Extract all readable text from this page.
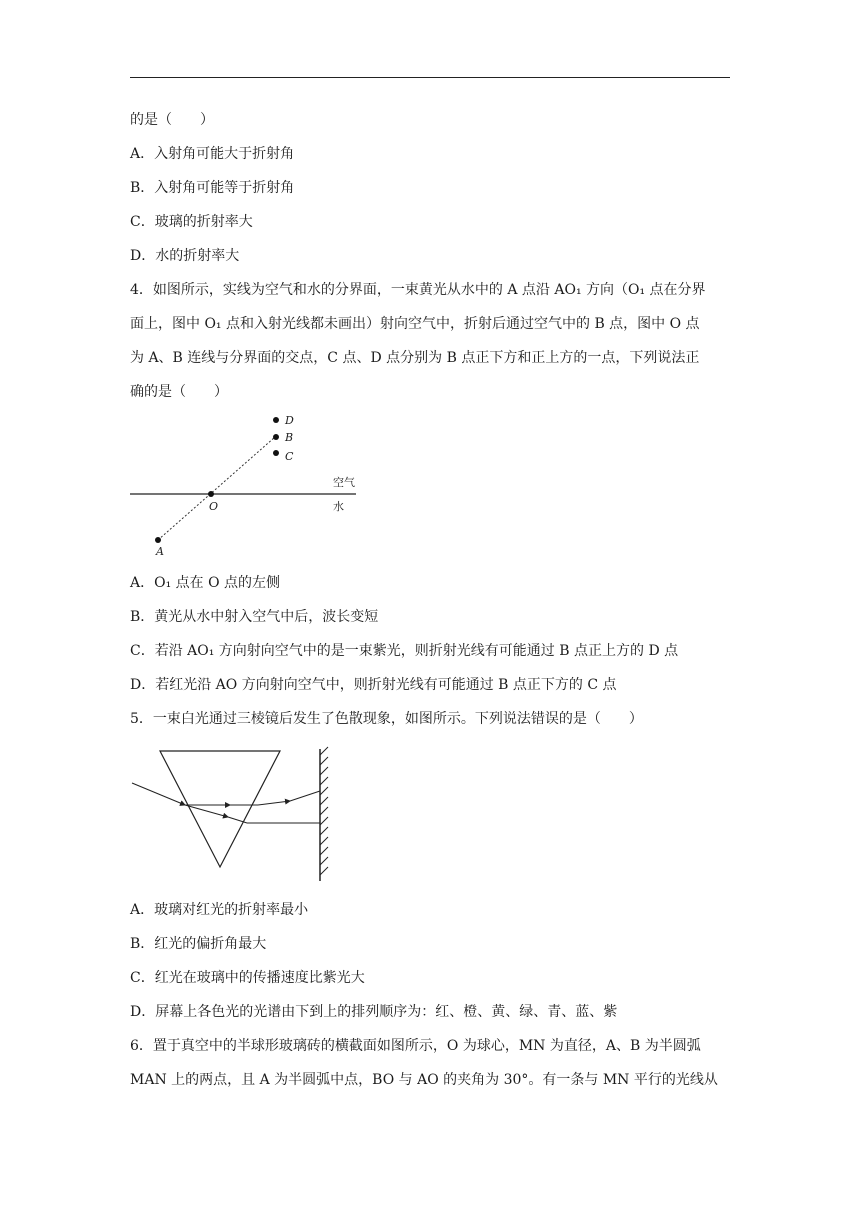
的是（　　）
A．入射角可能大于折射角
B．入射角可能等于折射角
C．玻璃的折射率大
D．水的折射率大
4．如图所示，实线为空气和水的分界面，一束黄光从水中的 A 点沿 AO₁ 方向（O₁ 点在分界
面上，图中 O₁ 点和入射光线都未画出）射向空气中，折射后通过空气中的 B 点，图中 O 点
为 A、B 连线与分界面的交点，C 点、D 点分别为 B 点正下方和正上方的一点，下列说法正
确的是（　　）
D
B
C
O
A
空气
水
A．O₁ 点在 O 点的左侧
B．黄光从水中射入空气中后，波长变短
C．若沿 AO₁ 方向射向空气中的是一束紫光，则折射光线有可能通过 B 点正上方的 D 点
D．若红光沿 AO 方向射向空气中，则折射光线有可能通过 B 点正下方的 C 点
5．一束白光通过三棱镜后发生了色散现象，如图所示。下列说法错误的是（　　）
A．玻璃对红光的折射率最小
B．红光的偏折角最大
C．红光在玻璃中的传播速度比紫光大
D．屏幕上各色光的光谱由下到上的排列顺序为：红、橙、黄、绿、青、蓝、紫
6．置于真空中的半球形玻璃砖的横截面如图所示，O 为球心，MN 为直径，A、B 为半圆弧
MAN 上的两点，且 A 为半圆弧中点，BO 与 AO 的夹角为 30°。有一条与 MN 平行的光线从
